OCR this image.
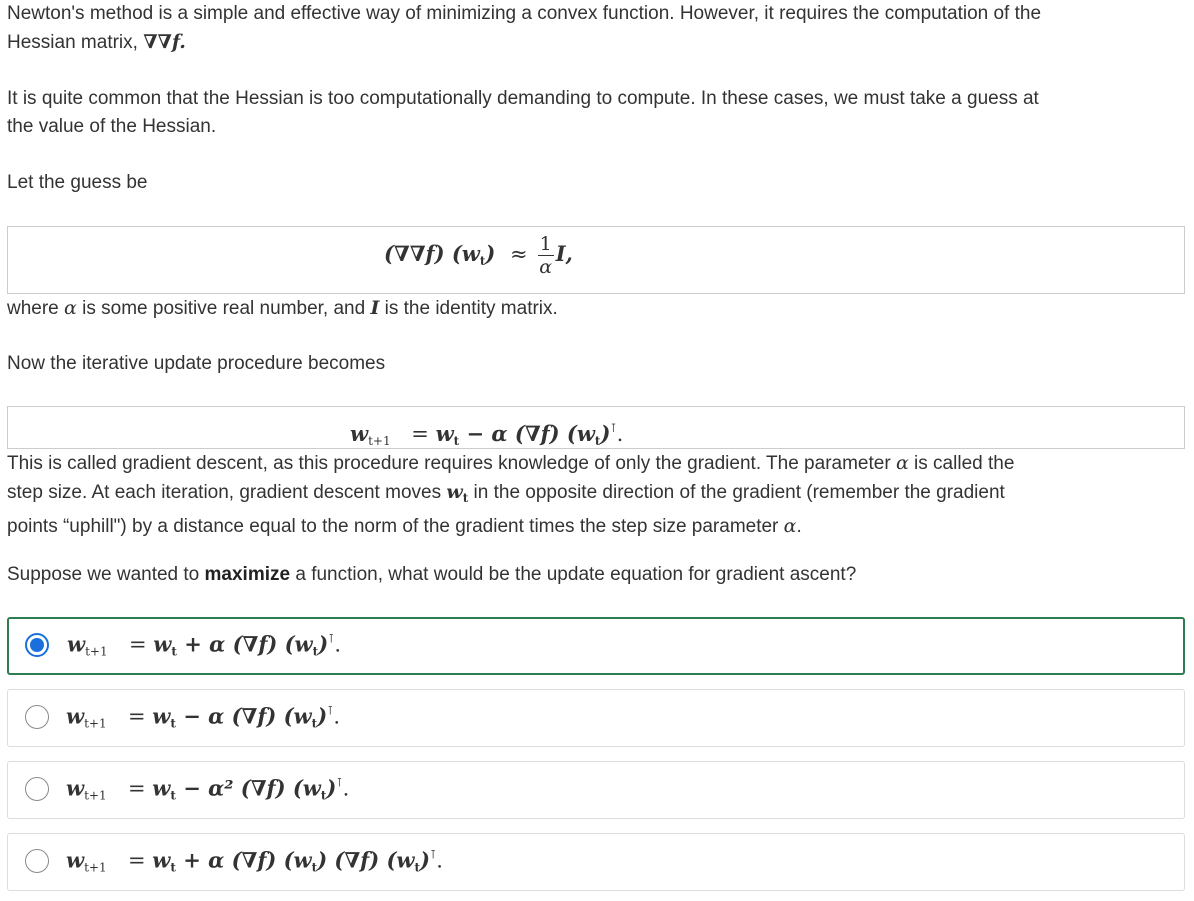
Newton's method is a simple and effective way of minimizing a convex function. However, it requires the computation of the
Hessian matrix, ∇∇f.

It is quite common that the Hessian is too computationally demanding to compute. In these cases, we must take a guess at
the value of the Hessian.

Let the guess be

(∇∇f) $(w_t) \approx \frac{1}{\alpha} I$,

where α is some positive real number, and I is the identity matrix.

Now the iterative update procedure becomes

$w_{t+1} = w_t - \alpha$ (∇f) $(w_t)^⊺$.

This is called gradient descent, as this procedure requires knowledge of only the gradient. The parameter α is called the
step size. At each iteration, gradient descent moves $w_t$ in the opposite direction of the gradient (remember the gradient
points “uphill") by a distance equal to the norm of the gradient times the step size parameter α.

Suppose we wanted to maximize a function, what would be the update equation for gradient ascent?

$w_{t+1} = w_t + \alpha$ (∇f) $(w_t)^⊺$.
$w_{t+1} = w_t - \alpha$ (∇f) $(w_t)^⊺$.
$w_{t+1} = w_t - \alpha^2$ (∇f) $(w_t)^⊺$.
$w_{t+1} = w_t + \alpha$ (∇f) $(w_t)$ (∇f) $(w_t)^⊺$.
